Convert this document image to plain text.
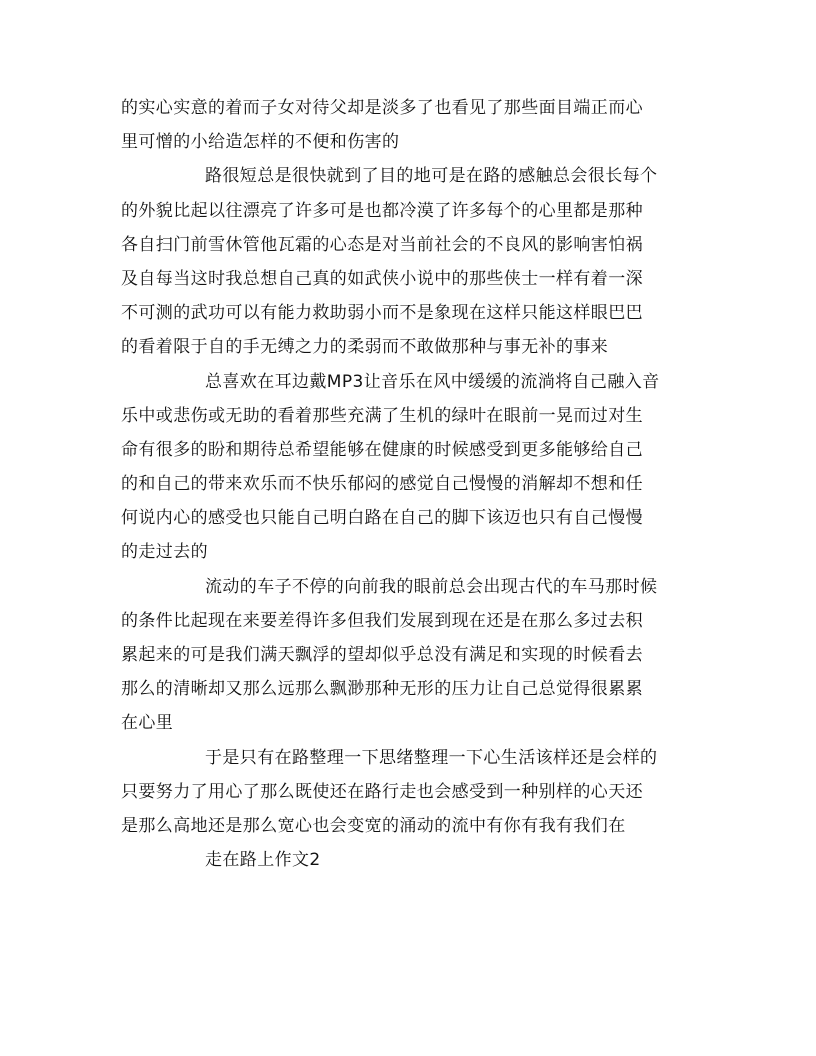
的实心实意的着而子女对待父却是淡多了也看见了那些面目端正而心
里可憎的小给造怎样的不便和伤害的
路很短总是很快就到了目的地可是在路的感触总会很长每个
的外貌比起以往漂亮了许多可是也都冷漠了许多每个的心里都是那种
各自扫门前雪休管他瓦霜的心态是对当前社会的不良风的影响害怕祸
及自每当这时我总想自己真的如武侠小说中的那些侠士一样有着一深
不可测的武功可以有能力救助弱小而不是象现在这样只能这样眼巴巴
的看着限于自的手无缚之力的柔弱而不敢做那种与事无补的事来
总喜欢在耳边戴MP3让音乐在风中缓缓的流淌将自己融入音
乐中或悲伤或无助的看着那些充满了生机的绿叶在眼前一晃而过对生
命有很多的盼和期待总希望能够在健康的时候感受到更多能够给自己
的和自己的带来欢乐而不快乐郁闷的感觉自己慢慢的消解却不想和任
何说内心的感受也只能自己明白路在自己的脚下该迈也只有自己慢慢
的走过去的
流动的车子不停的向前我的眼前总会出现古代的车马那时候
的条件比起现在来要差得许多但我们发展到现在还是在那么多过去积
累起来的可是我们满天飘浮的望却似乎总没有满足和实现的时候看去
那么的清晰却又那么远那么飘渺那种无形的压力让自己总觉得很累累
在心里
于是只有在路整理一下思绪整理一下心生活该样还是会样的
只要努力了用心了那么既使还在路行走也会感受到一种别样的心天还
是那么高地还是那么宽心也会变宽的涌动的流中有你有我有我们在
走在路上作文2
